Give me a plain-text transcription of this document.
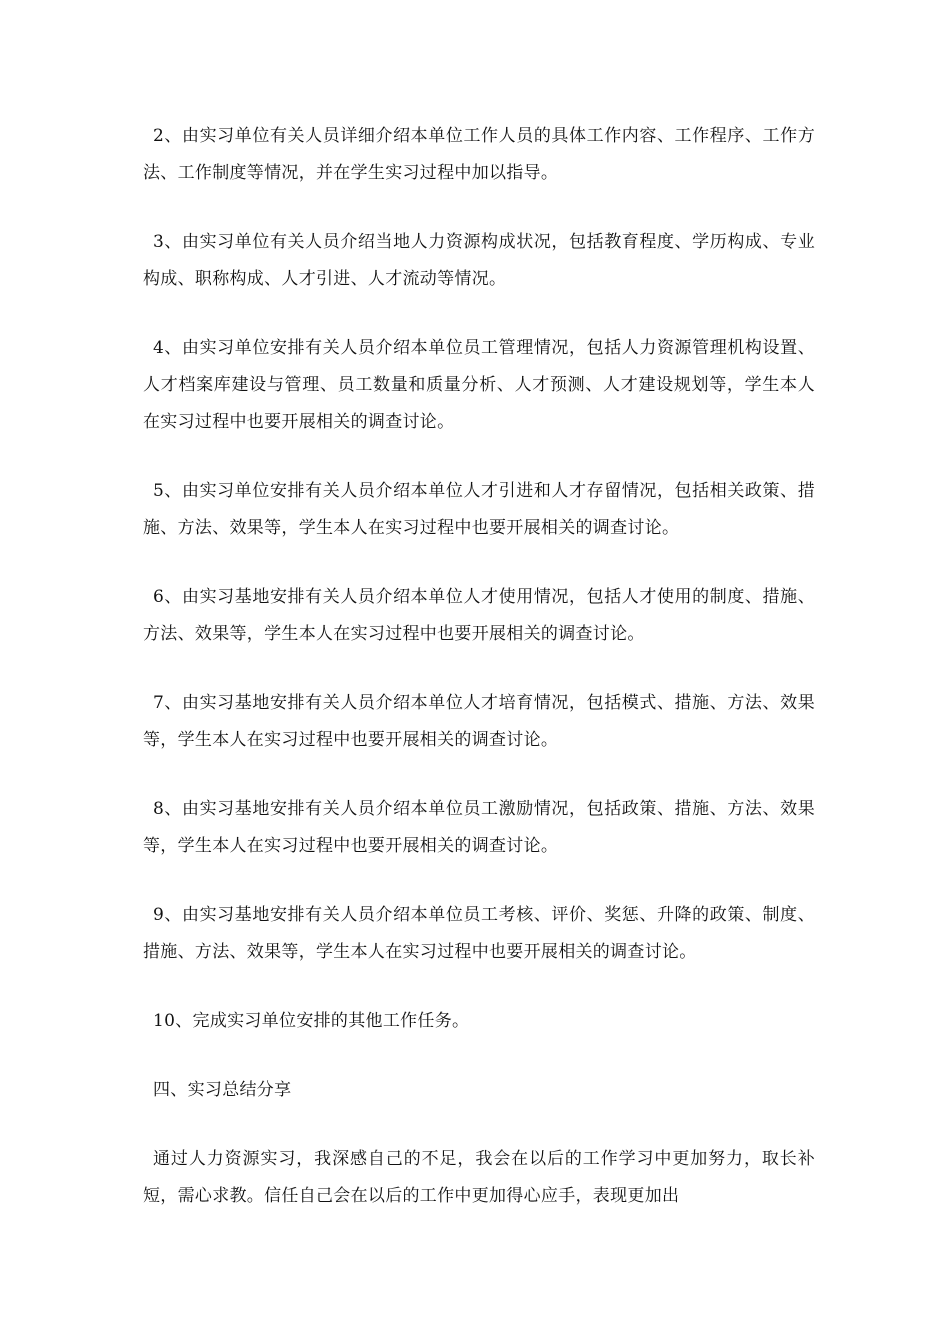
2、由实习单位有关人员详细介绍本单位工作人员的具体工作内容、工作程序、工作方法、工作制度等情况，并在学生实习过程中加以指导。

3、由实习单位有关人员介绍当地人力资源构成状况，包括教育程度、学历构成、专业构成、职称构成、人才引进、人才流动等情况。

4、由实习单位安排有关人员介绍本单位员工管理情况，包括人力资源管理机构设置、人才档案库建设与管理、员工数量和质量分析、人才预测、人才建设规划等，学生本人在实习过程中也要开展相关的调查讨论。

5、由实习单位安排有关人员介绍本单位人才引进和人才存留情况，包括相关政策、措施、方法、效果等，学生本人在实习过程中也要开展相关的调查讨论。

6、由实习基地安排有关人员介绍本单位人才使用情况，包括人才使用的制度、措施、方法、效果等，学生本人在实习过程中也要开展相关的调查讨论。

7、由实习基地安排有关人员介绍本单位人才培育情况，包括模式、措施、方法、效果等，学生本人在实习过程中也要开展相关的调查讨论。

8、由实习基地安排有关人员介绍本单位员工激励情况，包括政策、措施、方法、效果等，学生本人在实习过程中也要开展相关的调查讨论。

9、由实习基地安排有关人员介绍本单位员工考核、评价、奖惩、升降的政策、制度、措施、方法、效果等，学生本人在实习过程中也要开展相关的调查讨论。

10、完成实习单位安排的其他工作任务。

四、实习总结分享

通过人力资源实习，我深感自己的不足，我会在以后的工作学习中更加努力，取长补短，需心求教。信任自己会在以后的工作中更加得心应手，表现更加出
